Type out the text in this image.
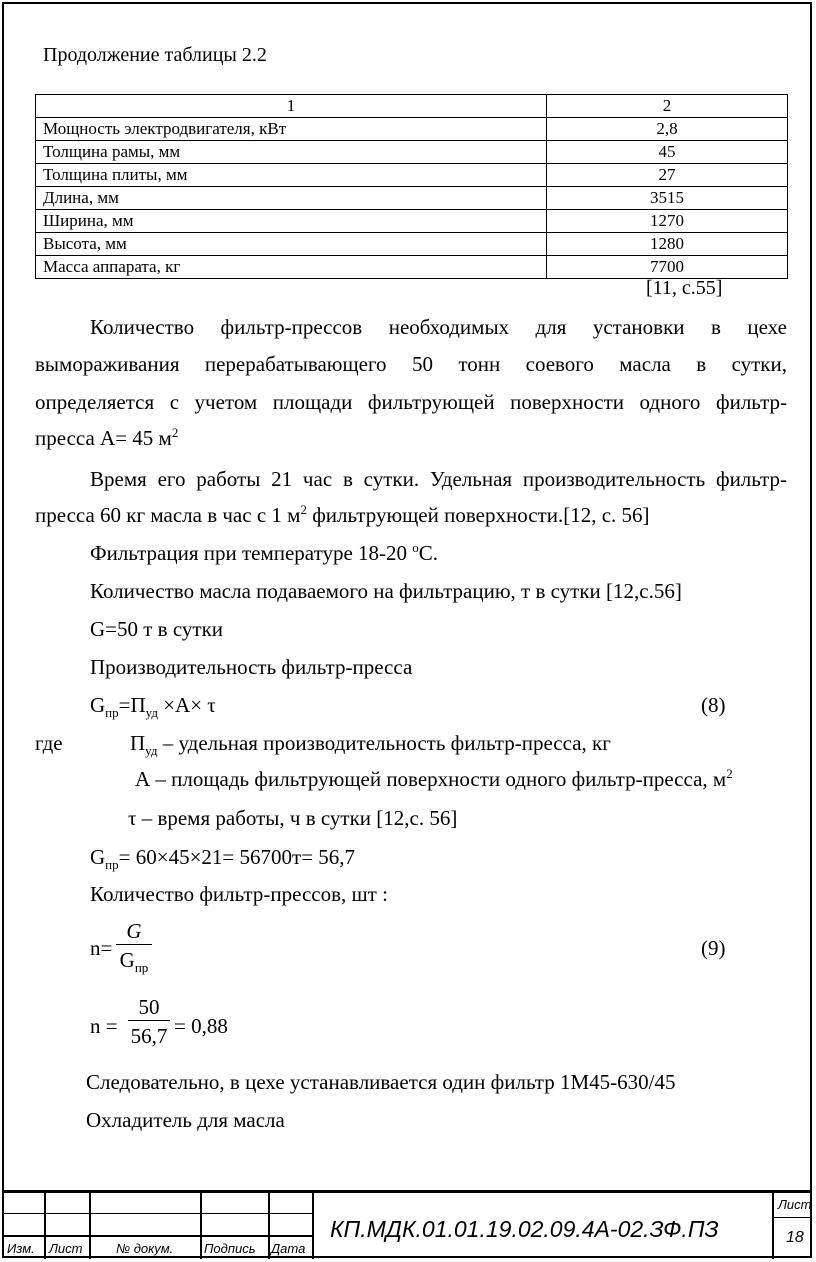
Продолжение таблицы 2.2
1	2
Мощность электродвигателя, кВт	2,8
Толщина рамы, мм	45
Толщина плиты, мм	27
Длина, мм	3515
Ширина, мм	1270
Высота, мм	1280
Масса аппарата, кг	7700
[11, с.55]
Количество фильтр-прессов необходимых для установки в цехе
вымораживания перерабатывающего 50 тонн соевого масла в сутки,
определяется с учетом площади фильтрующей поверхности одного фильтр-
пресса А= 45 $м^2$
Время его работы 21 час в сутки. Удельная производительность фильтр-
пресса 60 кг масла в час с 1 $м^2$ фильтрующей поверхности.[12, с. 56]
Фильтрация при температуре 18-20 $^о$С.
Количество масла подаваемого на фильтрацию, т в сутки [12,с.56]
G=50 т в сутки
Производительность фильтр-пресса
$G_{пр}=П_{уд} \times А\times \tau$	(8)
где	$П_{уд}$ – удельная производительность фильтр-пресса, кг
А – площадь фильтрующей поверхности одного фильтр-пресса, $м^2$
τ – время работы, ч в сутки [12,с. 56]
$G_{пр}= 60\times 45\times 21= 56700т= 56,7$
Количество фильтр-прессов, шт :
n=
G
$G_{пр}$
(9)
$n = \frac{50}{56,7} = 0,88$
Следовательно, в цехе устанавливается один фильтр 1М45-630/45
Охладитель для масла
Изм. Лист	№ докум. Подпись Дата
КП.МДК.01.01.19.02.09.4А-02.ЗФ.ПЗ
Лист
18
